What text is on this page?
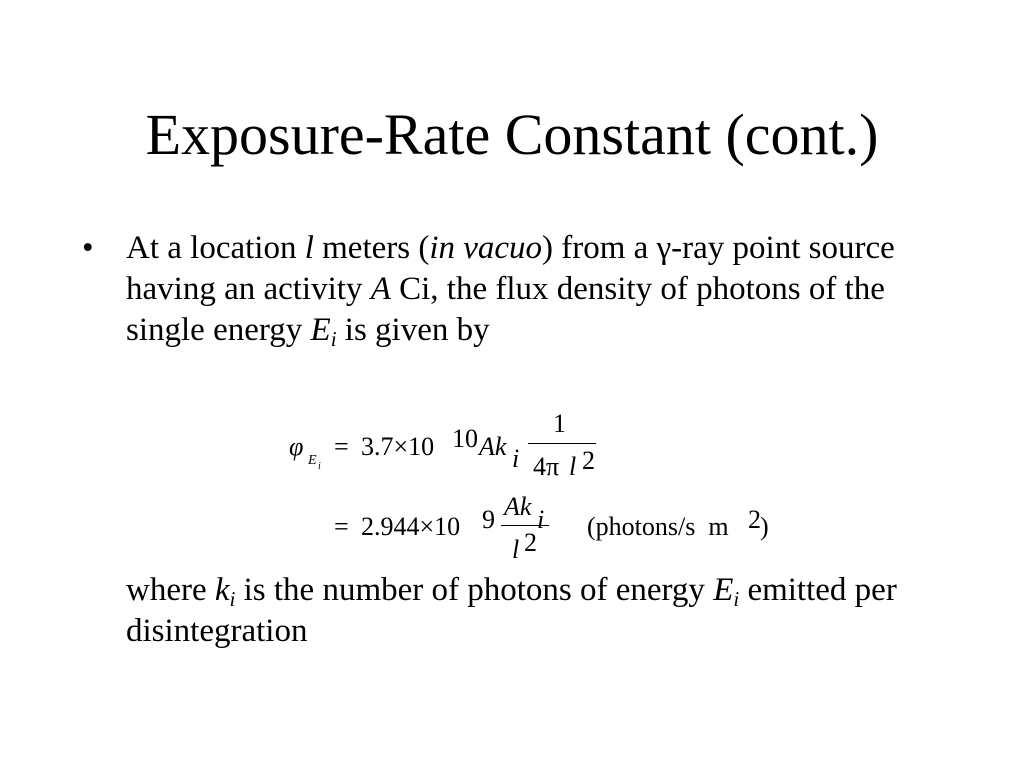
Exposure-Rate Constant (cont.)
• At a location l meters (in vacuo) from a γ-ray point source having an activity A Ci, the flux density of photons of the single energy $E_i$ is given by
φ E i
= 3.7×10 10 Ak i
1
4π l 2
= 2.944×10 9 Ak i
l 2
(photons/s  m 2 )
where $k_i$ is the number of photons of energy $E_i$ emitted per disintegration
